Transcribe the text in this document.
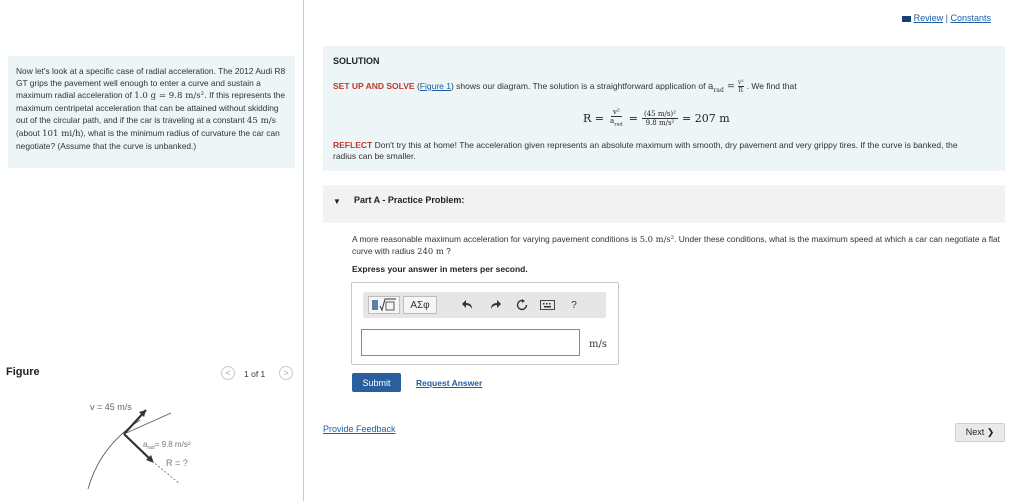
Now let's look at a specific case of radial acceleration. The 2012 Audi R8 GT grips the pavement well enough to enter a curve and sustain a maximum radial acceleration of 1.0 g = 9.8 m/s². If this represents the maximum centripetal acceleration that can be attained without skidding out of the circular path, and if the car is traveling at a constant 45 m/s (about 101 mi/h), what is the minimum radius of curvature the car can negotiate? (Assume that the curve is unbanked.)
Figure	<	1 of 1	>
v = 45 m/s
$a_{rad}= 9.8$ m/s²
R = ?
Review | Constants
SOLUTION
SET UP AND SOLVE (Figure 1) shows our diagram. The solution is a straightforward application of $a_{rad} = \frac{\text{v²}}{R}$ . We find that
$R = \frac{\text{v²}}{a_{rad}} = \frac{\text{(45 m/s)²}}{\text{9.8 m/s²}} = 207$ m
REFLECT Don't try this at home! The acceleration given represents an absolute maximum with smooth, dry pavement and very grippy tires. If the curve is banked, the radius can be smaller.
▼ Part A - Practice Problem:
A more reasonable maximum acceleration for varying pavement conditions is 5.0 m/s². Under these conditions, what is the maximum speed at which a car can negotiate a flat curve with radius 240 m ?
Express your answer in meters per second.
ΑΣφ	?
m/s
Submit	Request Answer
Provide Feedback	Next ❯
